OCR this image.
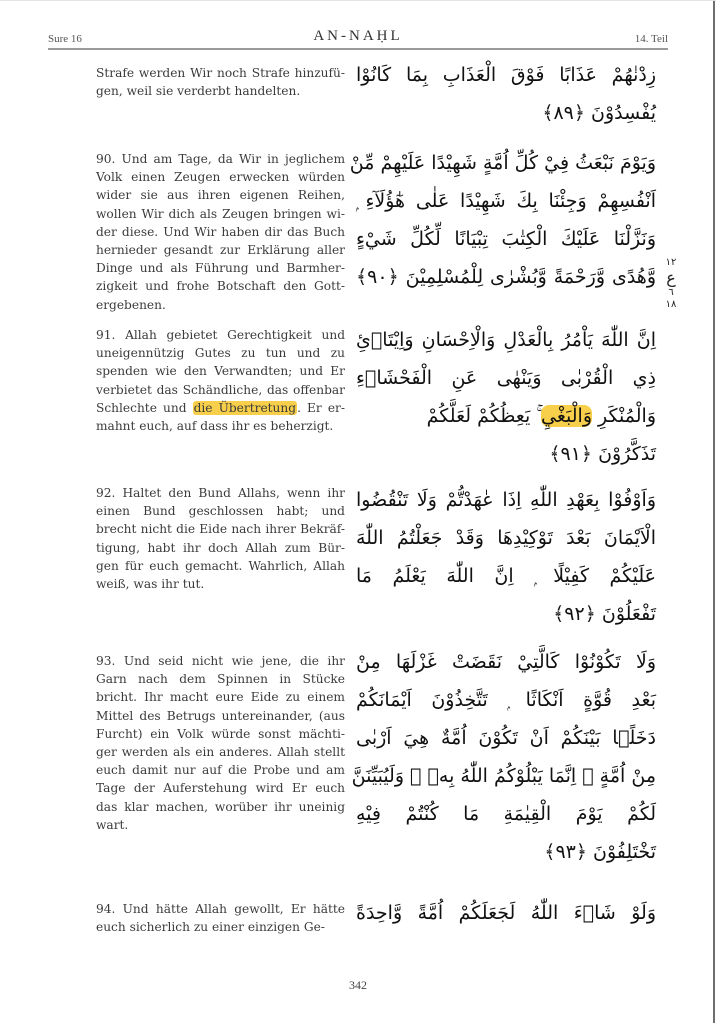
Sure 16	AN-NAḤL	14. Teil
Strafe werden Wir noch Strafe hinzufü-gen, weil sie verderbt handelten.
90. Und am Tage, da Wir in jeglichem Volk einen Zeugen erwecken würden wider sie aus ihren eigenen Reihen, wollen Wir dich als Zeugen bringen wi-der diese. Und Wir haben dir das Buch hernieder gesandt zur Erklärung aller Dinge und als Führung und Barmher-zigkeit und frohe Botschaft den Gott-ergebenen.
91. Allah gebietet Gerechtigkeit und uneigennützig Gutes zu tun und zu spenden wie den Verwandten; und Er verbietet das Schändliche, das offenbar Schlechte und die Übertretung. Er er-mahnt euch, auf dass ihr es beherzigt.
92. Haltet den Bund Allahs, wenn ihr einen Bund geschlossen habt; und brecht nicht die Eide nach ihrer Bekräf-tigung, habt ihr doch Allah zum Bür-gen für euch gemacht. Wahrlich, Allah weiß, was ihr tut.
93. Und seid nicht wie jene, die ihr Garn nach dem Spinnen in Stücke bricht. Ihr macht eure Eide zu einem Mittel des Betrugs untereinander, (aus Furcht) ein Volk würde sonst mächti-ger werden als ein anderes. Allah stellt euch damit nur auf die Probe und am Tage der Auferstehung wird Er euch das klar machen, worüber ihr uneinig wart.
94. Und hätte Allah gewollt, Er hätte euch sicherlich zu einer einzigen Ge-
زِدْنٰهُمْ عَذَابًا فَوْقَ الْعَذَابِ بِمَا كَانُوْا
يُفْسِدُوْنَ ﴿٨٩﴾
وَيَوْمَ نَبْعَثُ فِيْ كُلِّ اُمَّةٍ شَهِيْدًا عَلَيْهِمْ مِّنْ
اَنْفُسِهِمْ وَجِئْنَا بِكَ شَهِيْدًا عَلٰى هٰٓؤُلَآءِ ۭ
وَنَزَّلْنَا عَلَيْكَ الْكِتٰبَ تِبْيَانًا لِّكُلِّ شَيْءٍ
وَّهُدًى وَّرَحْمَةً وَّبُشْرٰى لِلْمُسْلِمِيْنَ ﴿٩٠﴾
١٢
ع
٦
١٨
اِنَّ اللّٰهَ يَاْمُرُ بِالْعَدْلِ وَالْاِحْسَانِ وَاِيْتَاۗئِ
ذِي الْقُرْبٰى وَيَنْهٰى عَنِ الْفَحْشَاۗءِ
وَالْمُنْكَرِ وَالْبَغْيِ ۚ يَعِظُكُمْ لَعَلَّكُمْ
تَذَكَّرُوْنَ ﴿٩١﴾
وَاَوْفُوْا بِعَهْدِ اللّٰهِ اِذَا عٰهَدْتُّمْ وَلَا تَنْقُضُوا
الْاَيْمَانَ بَعْدَ تَوْكِيْدِهَا وَقَدْ جَعَلْتُمُ اللّٰهَ
عَلَيْكُمْ كَفِيْلًا ۭ اِنَّ اللّٰهَ يَعْلَمُ مَا
تَفْعَلُوْنَ ﴿٩٢﴾
وَلَا تَكُوْنُوْا كَالَّتِيْ نَقَضَتْ غَزْلَهَا مِنْ
بَعْدِ قُوَّةٍ اَنْكَاثًا ۭ تَتَّخِذُوْنَ اَيْمَانَكُمْ
دَخَلًۢا بَيْنَكُمْ اَنْ تَكُوْنَ اُمَّةٌ هِيَ اَرْبٰى
مِنْ اُمَّةٍ ۭ اِنَّمَا يَبْلُوْكُمُ اللّٰهُ بِهٖ ۭ وَلَيُبَيِّنَنَّ
لَكُمْ يَوْمَ الْقِيٰمَةِ مَا كُنْتُمْ فِيْهِ
تَخْتَلِفُوْنَ ﴿٩٣﴾
وَلَوْ شَاۗءَ اللّٰهُ لَجَعَلَكُمْ اُمَّةً وَّاحِدَةً
342
